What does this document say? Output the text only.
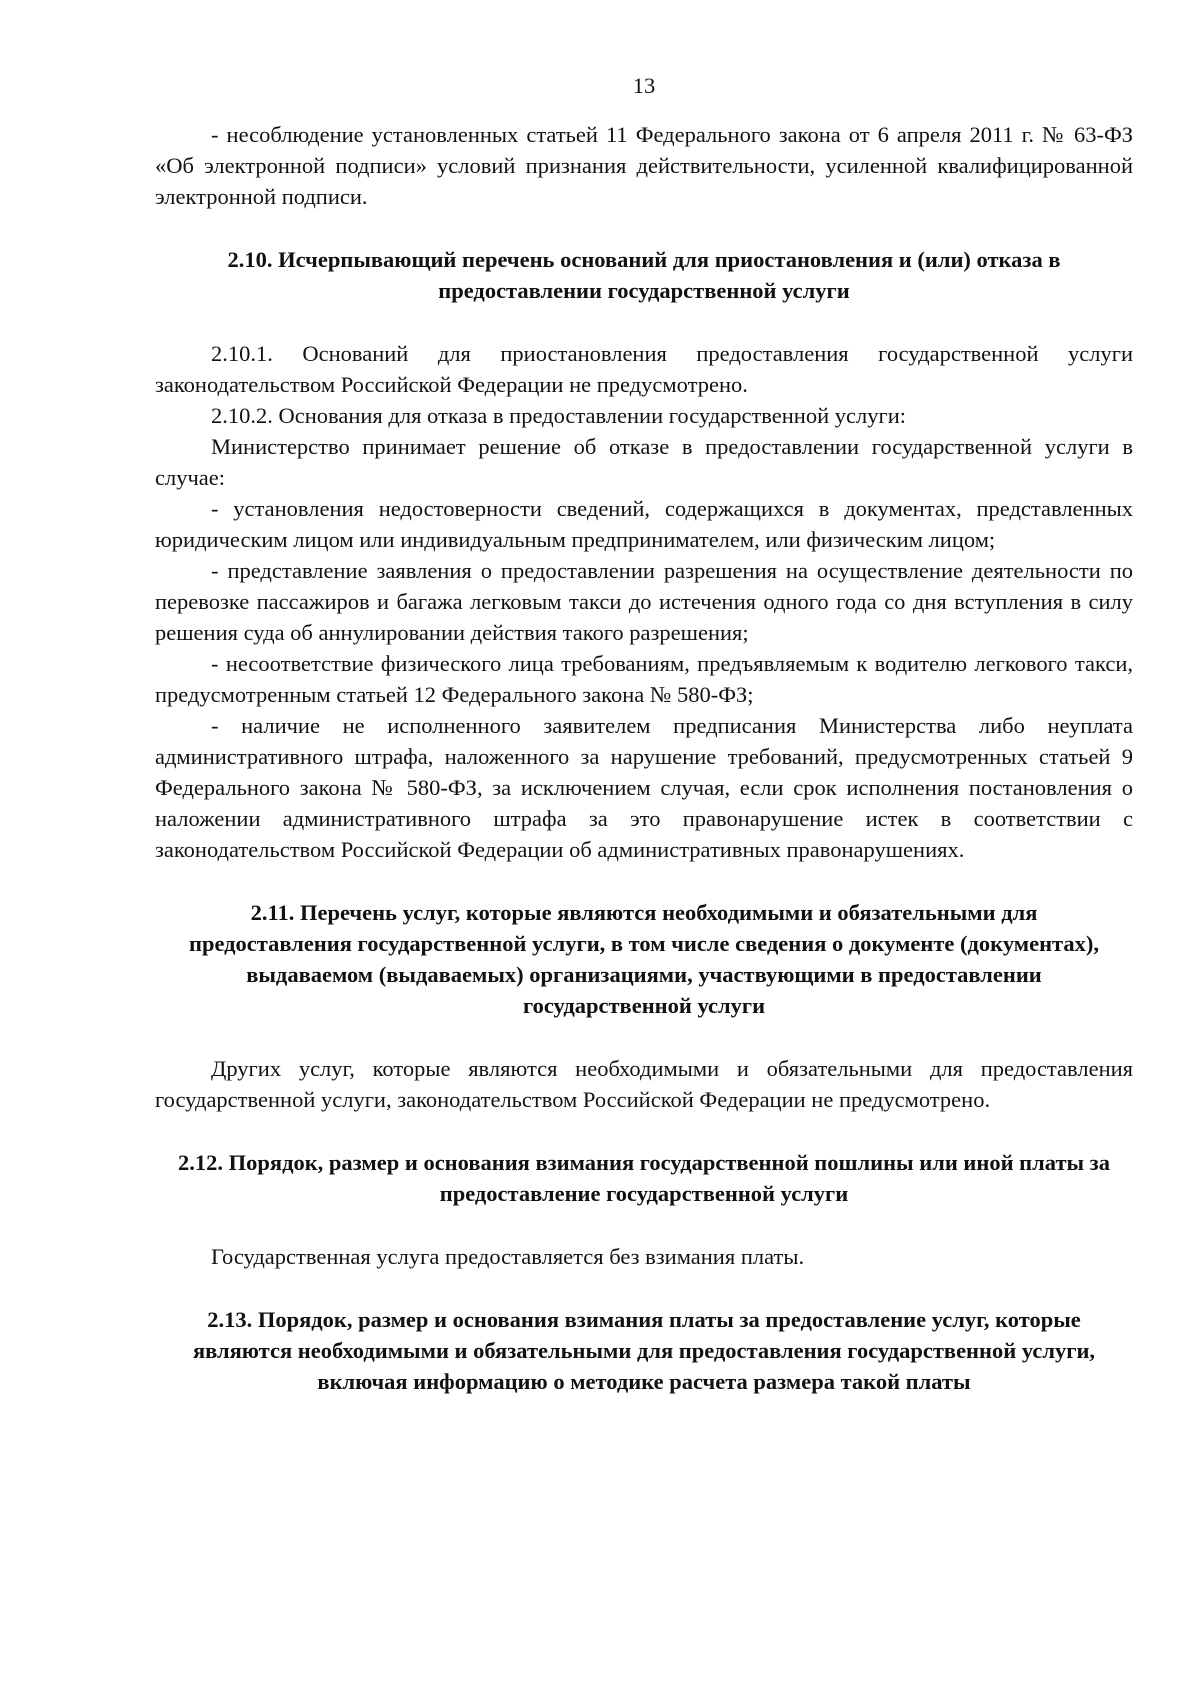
13

- несоблюдение установленных статьей 11 Федерального закона от 6 апреля 2011 г. № 63-ФЗ «Об электронной подписи» условий признания действительности, усиленной квалифицированной электронной подписи.

2.10. Исчерпывающий перечень оснований для приостановления и (или) отказа в предоставлении государственной услуги

2.10.1. Оснований для приостановления предоставления государственной услуги законодательством Российской Федерации не предусмотрено.

2.10.2. Основания для отказа в предоставлении государственной услуги:

Министерство принимает решение об отказе в предоставлении государственной услуги в случае:

- установления недостоверности сведений, содержащихся в документах, представленных юридическим лицом или индивидуальным предпринимателем, или физическим лицом;

- представление заявления о предоставлении разрешения на осуществление деятельности по перевозке пассажиров и багажа легковым такси до истечения одного года со дня вступления в силу решения суда об аннулировании действия такого разрешения;

- несоответствие физического лица требованиям, предъявляемым к водителю легкового такси, предусмотренным статьей 12 Федерального закона № 580-ФЗ;

- наличие не исполненного заявителем предписания Министерства либо неуплата административного штрафа, наложенного за нарушение требований, предусмотренных статьей 9 Федерального закона № 580-ФЗ, за исключением случая, если срок исполнения постановления о наложении административного штрафа за это правонарушение истек в соответствии с законодательством Российской Федерации об административных правонарушениях.

2.11. Перечень услуг, которые являются необходимыми и обязательными для предоставления государственной услуги, в том числе сведения о документе (документах), выдаваемом (выдаваемых) организациями, участвующими в предоставлении государственной услуги

Других услуг, которые являются необходимыми и обязательными для предоставления государственной услуги, законодательством Российской Федерации не предусмотрено.

2.12. Порядок, размер и основания взимания государственной пошлины или иной платы за предоставление государственной услуги

Государственная услуга предоставляется без взимания платы.

2.13. Порядок, размер и основания взимания платы за предоставление услуг, которые являются необходимыми и обязательными для предоставления государственной услуги, включая информацию о методике расчета размера такой платы
